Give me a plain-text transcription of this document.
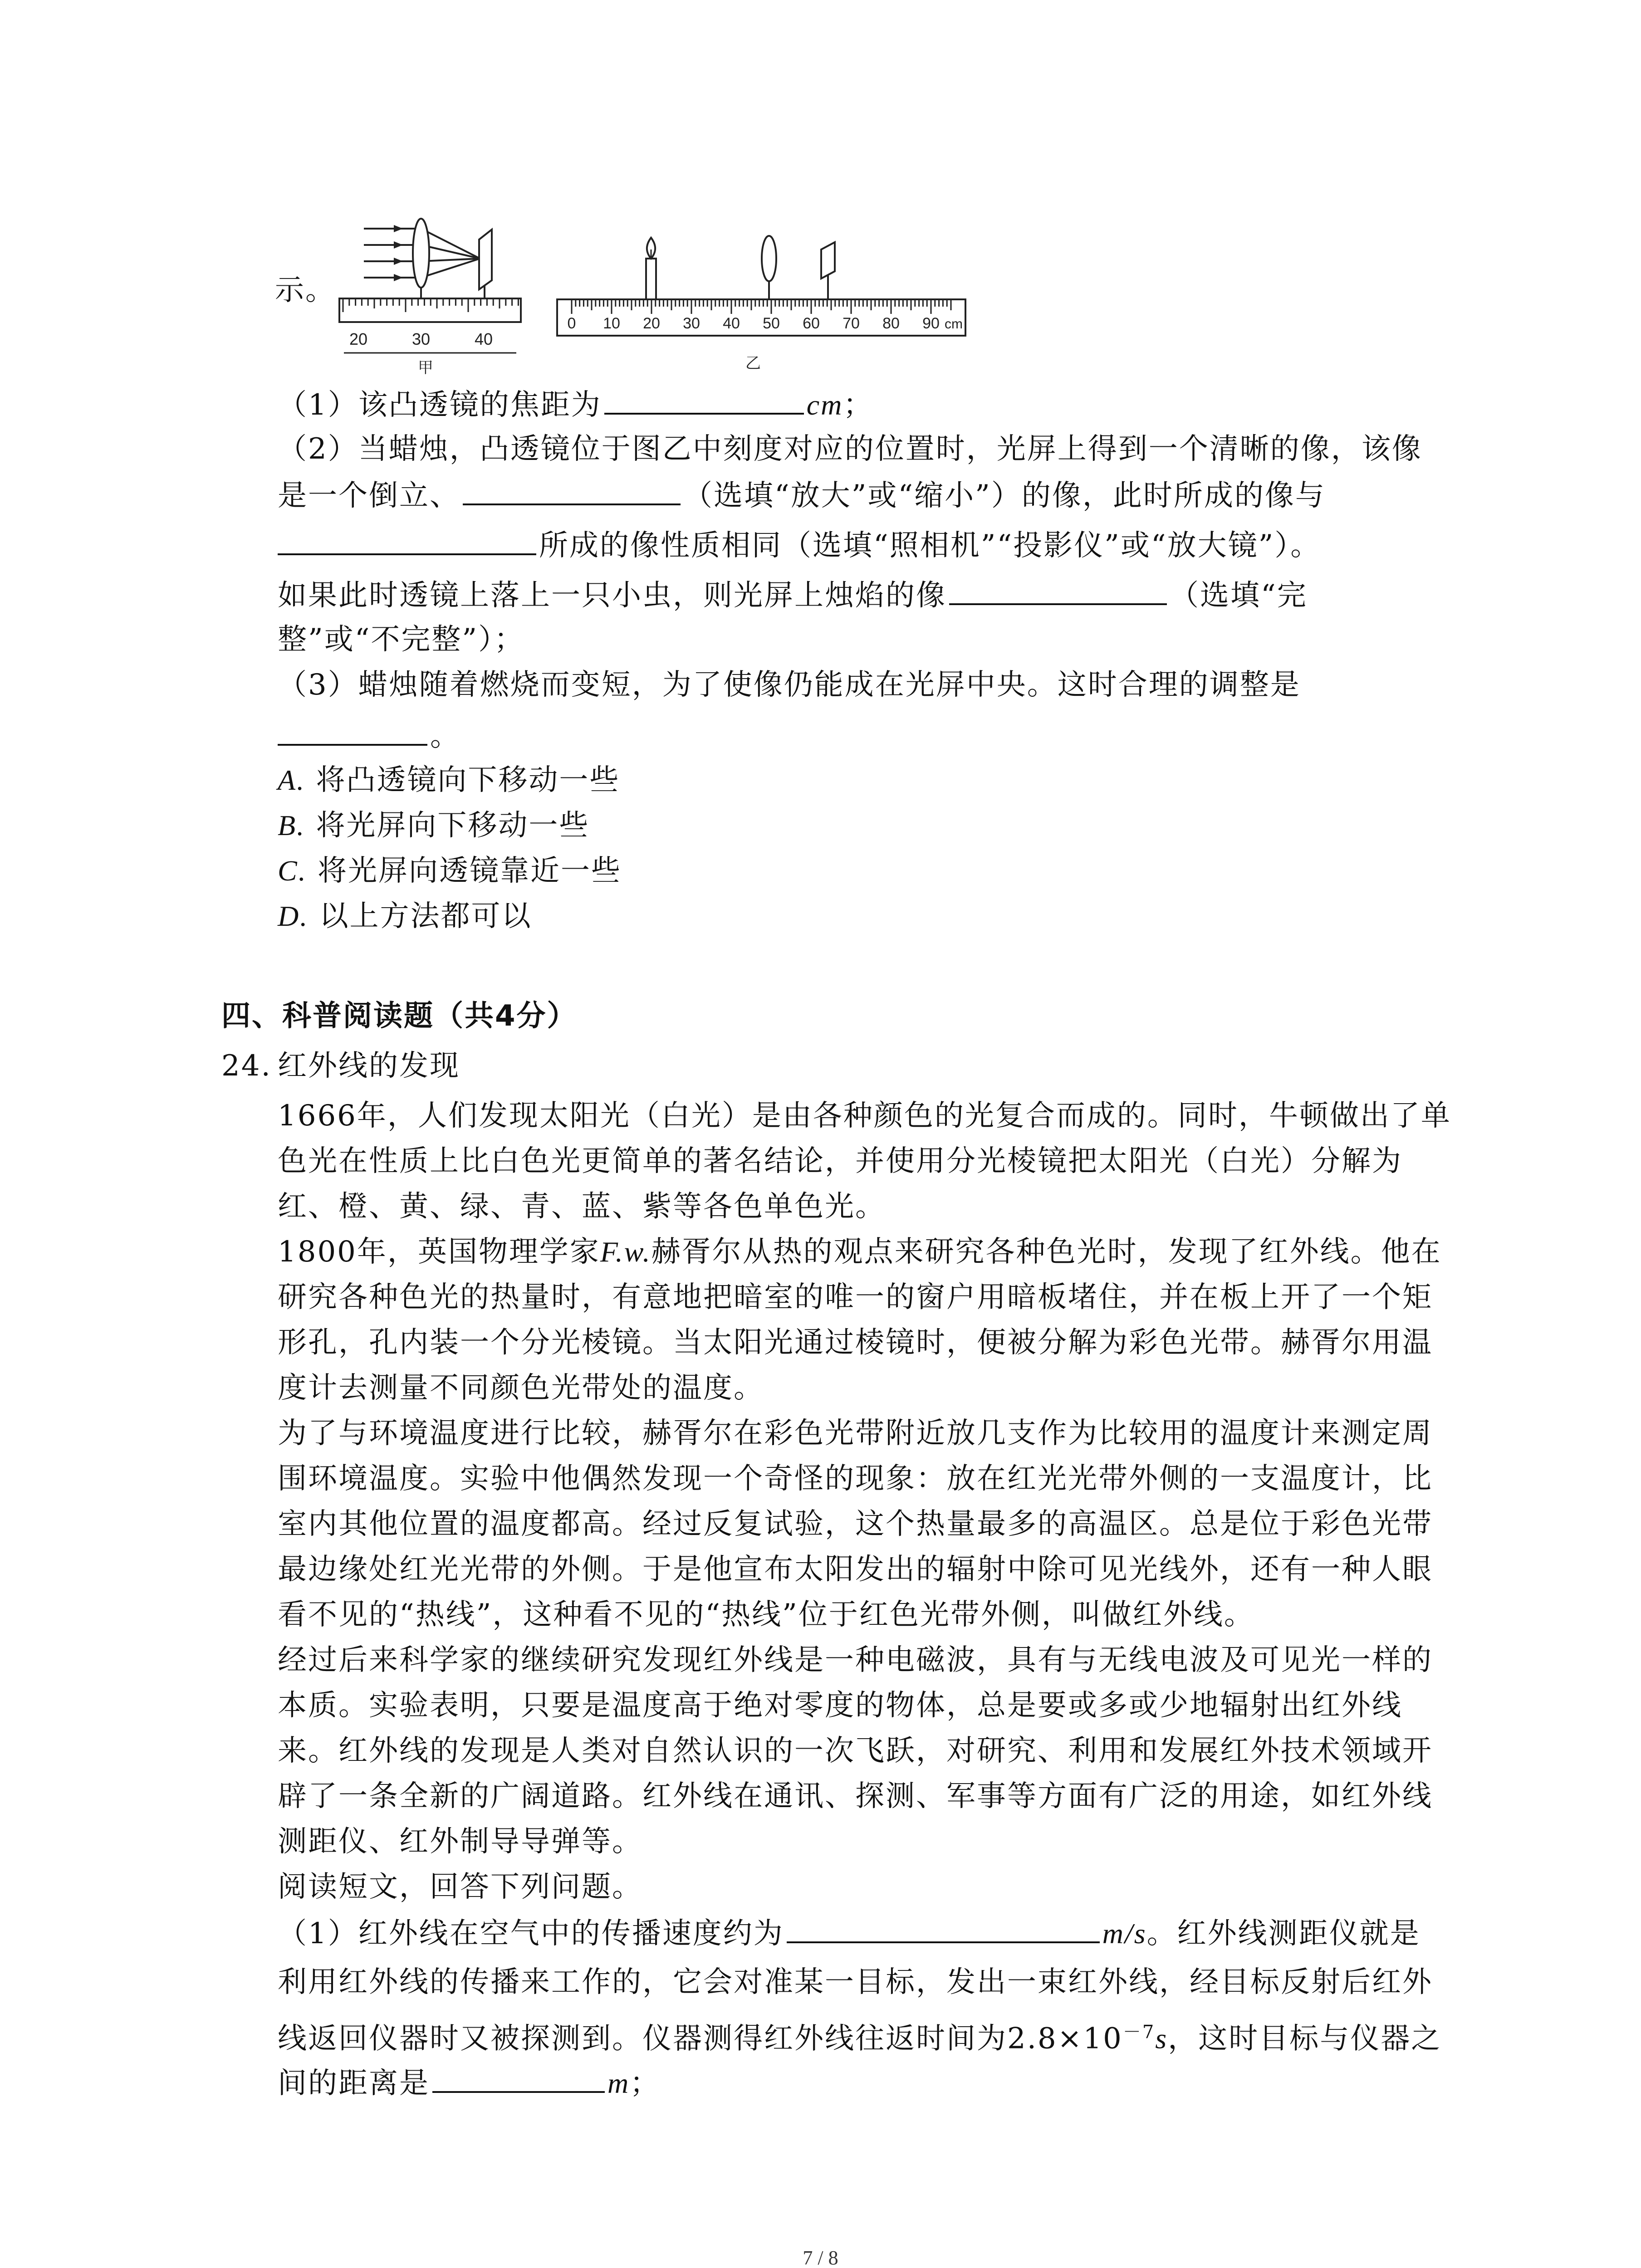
示。
20	30	40
甲
0 10 20 30 40 50 60 70 80 90 cm
乙
（1）该凸透镜的焦距为	cm；
（2）当蜡烛，凸透镜位于图乙中刻度对应的位置时，光屏上得到一个清晰的像，该像
是一个倒立、	（选填“放大”或“缩小”）的像，此时所成的像与
所成的像性质相同（选填“照相机”“投影仪”或“放大镜”）。
如果此时透镜上落上一只小虫，则光屏上烛焰的像	（选填“完
整”或“不完整”）；
（3）蜡烛随着燃烧而变短，为了使像仍能成在光屏中央。这时合理的调整是
。
A. 将凸透镜向下移动一些
B. 将光屏向下移动一些
C. 将光屏向透镜靠近一些
D. 以上方法都可以
四、科普阅读题（共4分）
24. 红外线的发现
1666年，人们发现太阳光（白光）是由各种颜色的光复合而成的。同时，牛顿做出了单
色光在性质上比白色光更简单的著名结论，并使用分光棱镜把太阳光（白光）分解为
红、橙、黄、绿、青、蓝、紫等各色单色光。
1800年，英国物理学家F.w.赫胥尔从热的观点来研究各种色光时，发现了红外线。他在
研究各种色光的热量时，有意地把暗室的唯一的窗户用暗板堵住，并在板上开了一个矩
形孔，孔内装一个分光棱镜。当太阳光通过棱镜时，便被分解为彩色光带。赫胥尔用温
度计去测量不同颜色光带处的温度。
为了与环境温度进行比较，赫胥尔在彩色光带附近放几支作为比较用的温度计来测定周
围环境温度。实验中他偶然发现一个奇怪的现象：放在红光光带外侧的一支温度计，比
室内其他位置的温度都高。经过反复试验，这个热量最多的高温区。总是位于彩色光带
最边缘处红光光带的外侧。于是他宣布太阳发出的辐射中除可见光线外，还有一种人眼
看不见的“热线”，这种看不见的“热线”位于红色光带外侧，叫做红外线。
经过后来科学家的继续研究发现红外线是一种电磁波，具有与无线电波及可见光一样的
本质。实验表明，只要是温度高于绝对零度的物体，总是要或多或少地辐射出红外线
来。红外线的发现是人类对自然认识的一次飞跃，对研究、利用和发展红外技术领域开
辟了一条全新的广阔道路。红外线在通讯、探测、军事等方面有广泛的用途，如红外线
测距仪、红外制导导弹等。
阅读短文，回答下列问题。
（1）红外线在空气中的传播速度约为	m/s。红外线测距仪就是
利用红外线的传播来工作的，它会对准某一目标，发出一束红外线，经目标反射后红外
线返回仪器时又被探测到。仪器测得红外线往返时间为$2.8\times 10^{-7}s$，这时目标与仪器之
间的距离是	m；
7 / 8
